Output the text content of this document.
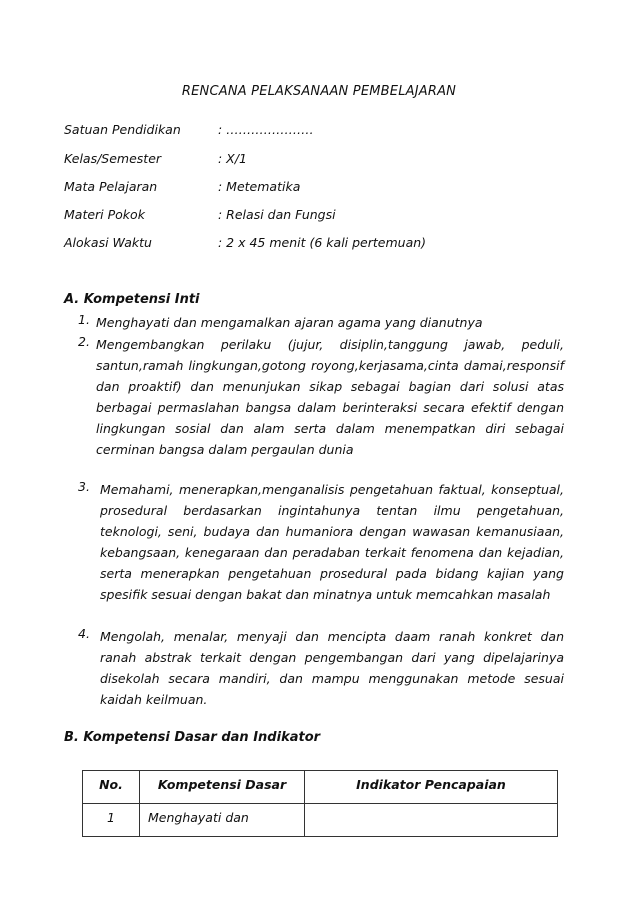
RENCANA PELAKSANAAN PEMBELAJARAN
Satuan Pendidikan	: …………………
Kelas/Semester	: X/1
Mata Pelajaran	: Metematika
Materi Pokok	: Relasi dan Fungsi
Alokasi Waktu	: 2 x 45 menit (6 kali pertemuan)
A. Kompetensi Inti
1. Menghayati dan mengamalkan ajaran agama yang dianutnya
2. Mengembangkan perilaku (jujur, disiplin,tanggung jawab, peduli, santun,ramah lingkungan,gotong royong,kerjasama,cinta damai,responsif dan proaktif) dan menunjukan sikap sebagai bagian dari solusi atas berbagai permaslahan bangsa dalam berinteraksi secara efektif dengan lingkungan sosial dan alam serta dalam menempatkan diri sebagai cerminan bangsa dalam pergaulan dunia
3. Memahami, menerapkan,menganalisis pengetahuan faktual, konseptual, prosedural berdasarkan ingintahunya tentan ilmu pengetahuan, teknologi, seni, budaya dan humaniora dengan wawasan kemanusiaan, kebangsaan, kenegaraan dan peradaban terkait fenomena dan kejadian, serta menerapkan pengetahuan prosedural pada bidang kajian yang spesifik sesuai dengan bakat dan minatnya untuk memcahkan masalah
4. Mengolah, menalar, menyaji dan mencipta daam ranah konkret dan ranah abstrak terkait dengan pengembangan dari yang dipelajarinya disekolah secara mandiri, dan mampu menggunakan metode sesuai kaidah keilmuan.
B. Kompetensi Dasar dan Indikator
No.	Kompetensi Dasar	Indikator Pencapaian
1	Menghayati dan	
